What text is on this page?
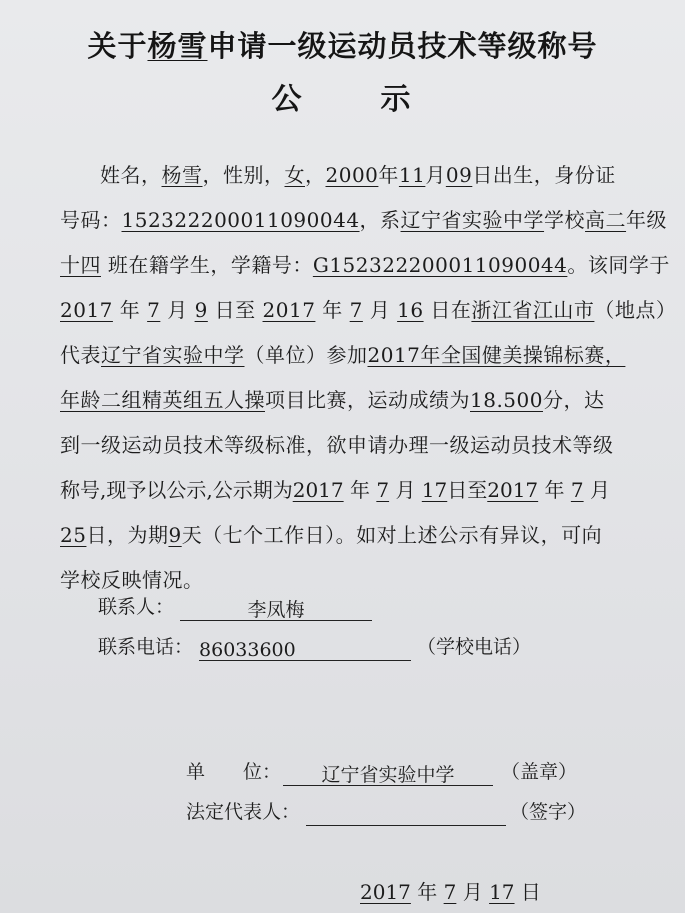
关于杨雪申请一级运动员技术等级称号
公	示
姓名，杨雪，性别，女，2000年11月09日出生，身份证
号码：152322200011090044，系辽宁省实验中学学校高二年级
十四 班在籍学生，学籍号：G152322200011090044。该同学于
2017 年 7 月 9 日至 2017 年 7 月 16 日在浙江省江山市（地点）
代表辽宁省实验中学（单位）参加2017年全国健美操锦标赛，
年龄二组精英组五人操项目比赛，运动成绩为18.500分，达
到一级运动员技术等级标准，欲申请办理一级运动员技术等级
称号,现予以公示,公示期为2017 年 7 月 17日至2017 年 7 月
25日，为期9天（七个工作日）。如对上述公示有异议，可向
学校反映情况。
联系人：	李凤梅
联系电话： 86033600	（学校电话）
单　　位： 辽宁省实验中学 （盖章）
法定代表人：	（签字）
2017 年 7 月 17 日
